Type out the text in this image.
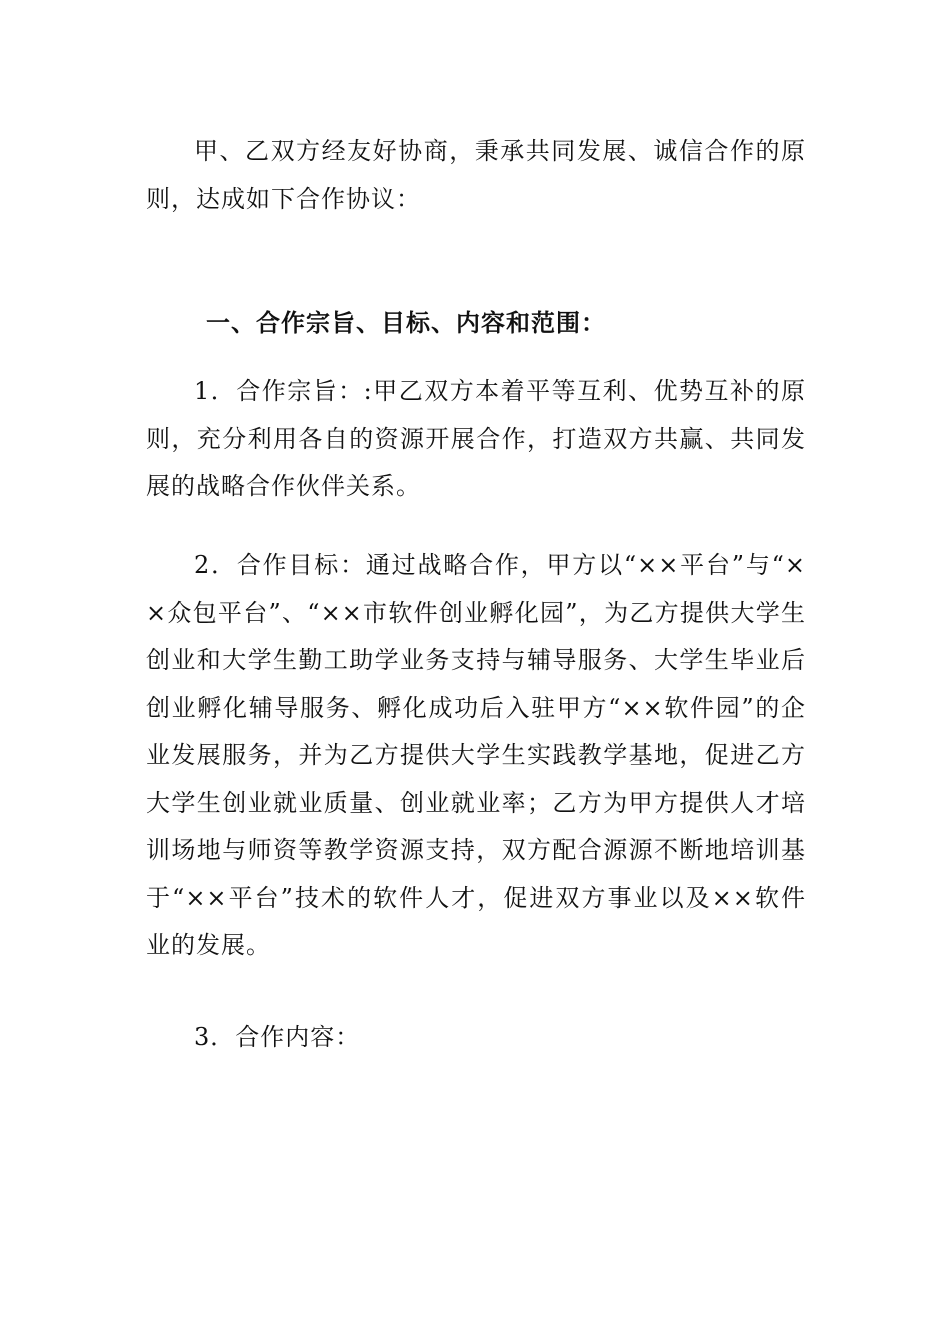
甲、乙双方经友好协商，秉承共同发展、诚信合作的原则，达成如下合作协议：

一、合作宗旨、目标、内容和范围：

1．合作宗旨：:甲乙双方本着平等互利、优势互补的原则，充分利用各自的资源开展合作，打造双方共赢、共同发展的战略合作伙伴关系。

2．合作目标：通过战略合作，甲方以“××平台”与“××众包平台”、“××市软件创业孵化园”，为乙方提供大学生创业和大学生勤工助学业务支持与辅导服务、大学生毕业后创业孵化辅导服务、孵化成功后入驻甲方“××软件园”的企业发展服务，并为乙方提供大学生实践教学基地，促进乙方大学生创业就业质量、创业就业率；乙方为甲方提供人才培训场地与师资等教学资源支持，双方配合源源不断地培训基于“××平台”技术的软件人才，促进双方事业以及××软件业的发展。

3．合作内容：
